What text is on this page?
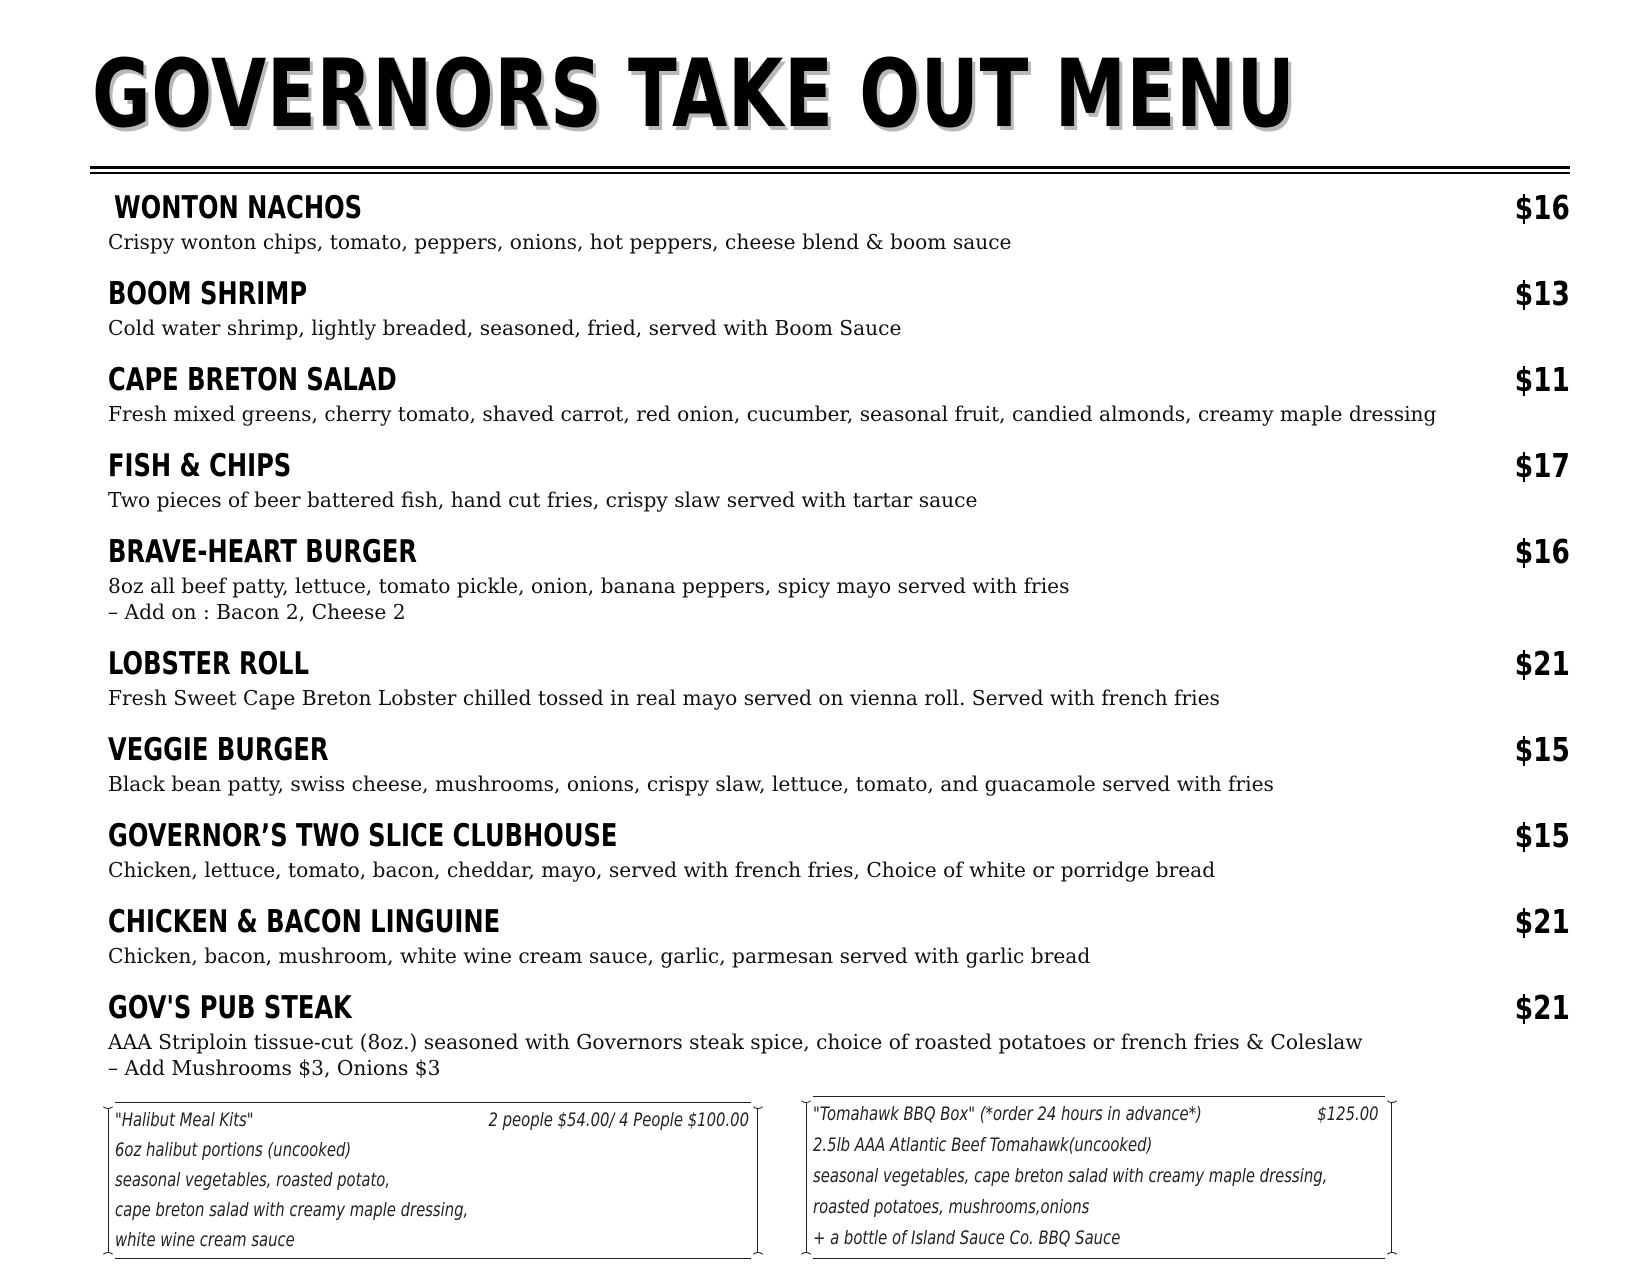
GOVERNORS TAKE OUT MENU
WONTON NACHOS	$16
Crispy wonton chips, tomato, peppers, onions, hot peppers, cheese blend & boom sauce
BOOM SHRIMP	$13
Cold water shrimp, lightly breaded, seasoned, fried, served with Boom Sauce
CAPE BRETON SALAD	$11
Fresh mixed greens, cherry tomato, shaved carrot, red onion, cucumber, seasonal fruit, candied almonds, creamy maple dressing
FISH & CHIPS	$17
Two pieces of beer battered fish, hand cut fries, crispy slaw served with tartar sauce
BRAVE-HEART BURGER	$16
8oz all beef patty, lettuce, tomato pickle, onion, banana peppers, spicy mayo served with fries
– Add on : Bacon 2, Cheese 2
LOBSTER ROLL	$21
Fresh Sweet Cape Breton Lobster chilled tossed in real mayo served on vienna roll. Served with french fries
VEGGIE BURGER	$15
Black bean patty, swiss cheese, mushrooms, onions, crispy slaw, lettuce, tomato, and guacamole served with fries
GOVERNOR’S TWO SLICE CLUBHOUSE	$15
Chicken, lettuce, tomato, bacon, cheddar, mayo, served with french fries, Choice of white or porridge bread
CHICKEN & BACON LINGUINE	$21
Chicken, bacon, mushroom, white wine cream sauce, garlic, parmesan served with garlic bread
GOV'S PUB STEAK	$21
AAA Striploin tissue-cut (8oz.) seasoned with Governors steak spice, choice of roasted potatoes or french fries & Coleslaw
– Add Mushrooms $3, Onions $3
"Halibut Meal Kits"	2 people $54.00/ 4 People $100.00
6oz halibut portions (uncooked)
seasonal vegetables, roasted potato,
cape breton salad with creamy maple dressing,
white wine cream sauce
"Tomahawk BBQ Box" (*order 24 hours in advance*)	$125.00
2.5lb AAA Atlantic Beef Tomahawk(uncooked)
seasonal vegetables, cape breton salad with creamy maple dressing,
roasted potatoes, mushrooms,onions
+ a bottle of Island Sauce Co. BBQ Sauce
